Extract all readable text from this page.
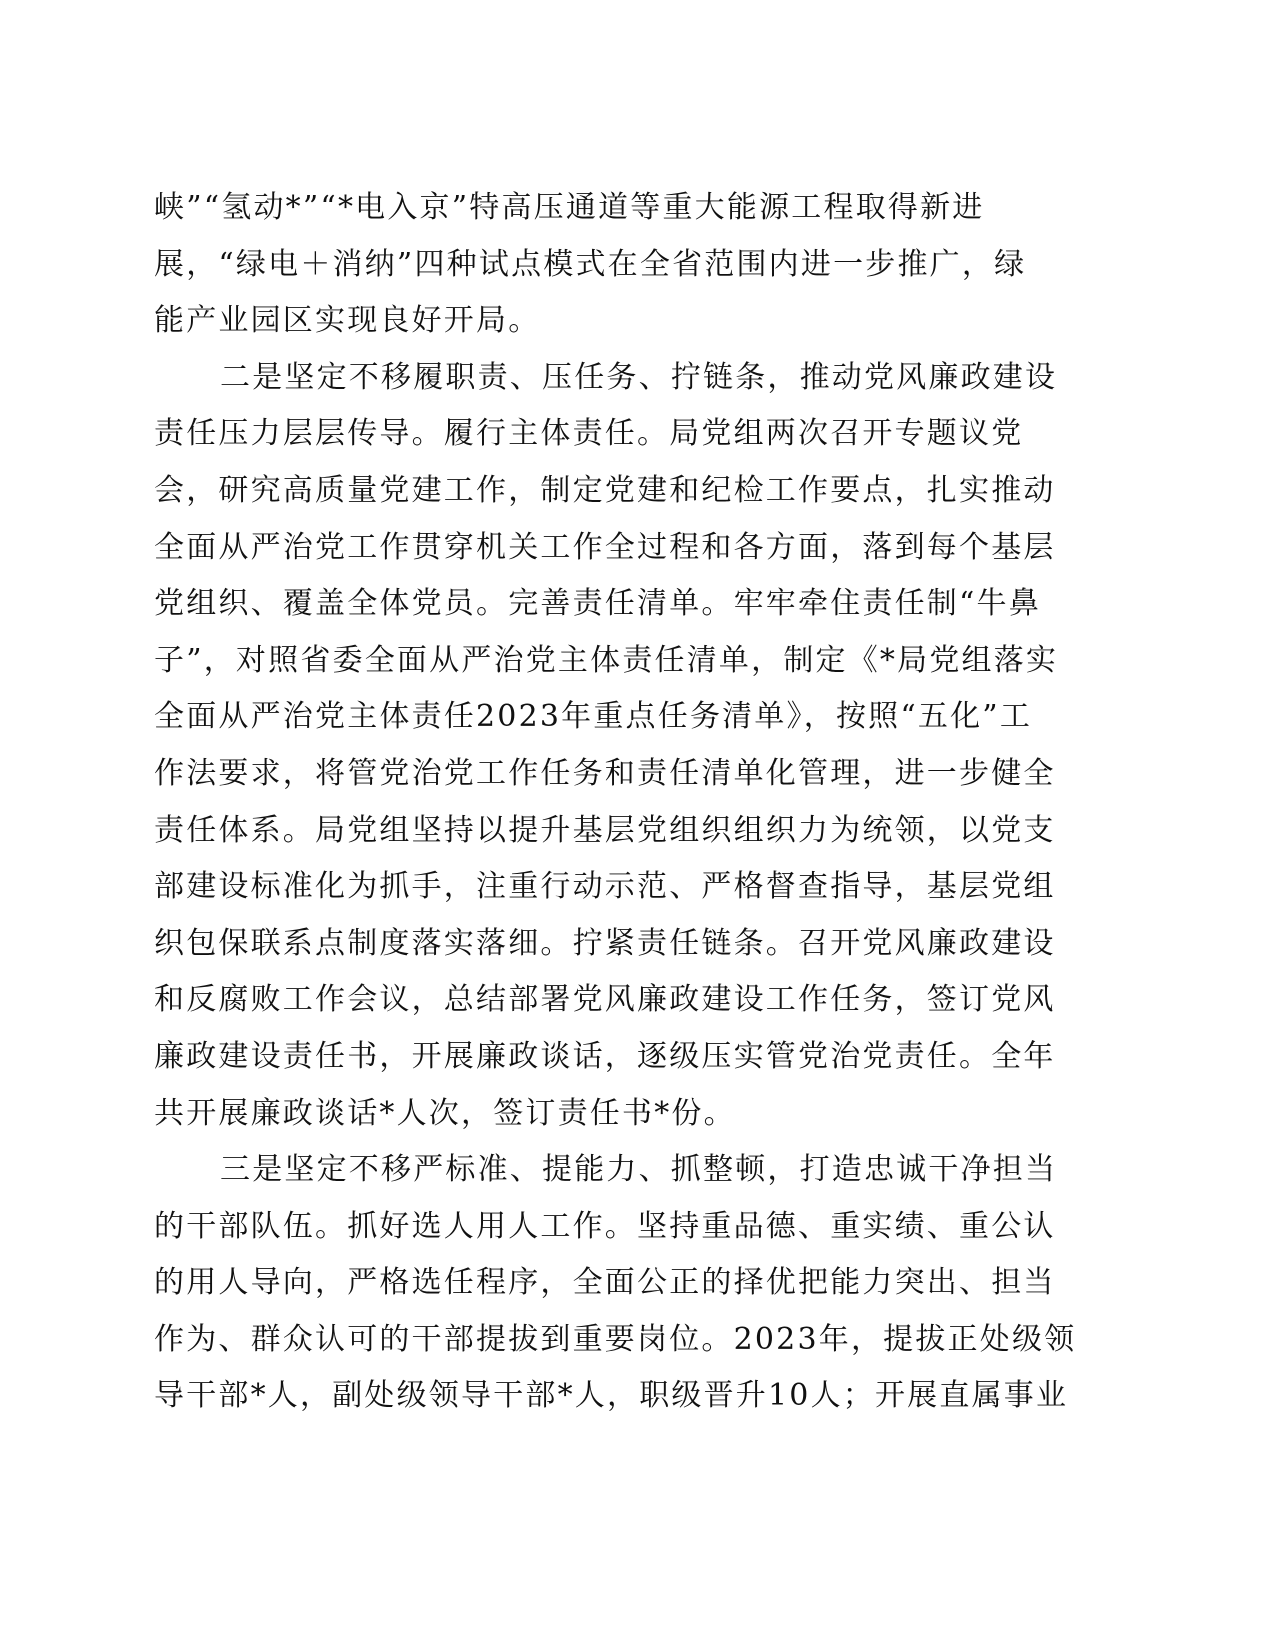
峡”“氢动*”“*电入京”特高压通道等重大能源工程取得新进
展，“绿电＋消纳”四种试点模式在全省范围内进一步推广，绿
能产业园区实现良好开局。
二是坚定不移履职责、压任务、拧链条，推动党风廉政建设
责任压力层层传导。履行主体责任。局党组两次召开专题议党
会，研究高质量党建工作，制定党建和纪检工作要点，扎实推动
全面从严治党工作贯穿机关工作全过程和各方面，落到每个基层
党组织、覆盖全体党员。完善责任清单。牢牢牵住责任制“牛鼻
子”，对照省委全面从严治党主体责任清单，制定《*局党组落实
全面从严治党主体责任2023年重点任务清单》，按照“五化”工
作法要求，将管党治党工作任务和责任清单化管理，进一步健全
责任体系。局党组坚持以提升基层党组织组织力为统领，以党支
部建设标准化为抓手，注重行动示范、严格督查指导，基层党组
织包保联系点制度落实落细。拧紧责任链条。召开党风廉政建设
和反腐败工作会议，总结部署党风廉政建设工作任务，签订党风
廉政建设责任书，开展廉政谈话，逐级压实管党治党责任。全年
共开展廉政谈话*人次，签订责任书*份。
三是坚定不移严标准、提能力、抓整顿，打造忠诚干净担当
的干部队伍。抓好选人用人工作。坚持重品德、重实绩、重公认
的用人导向，严格选任程序，全面公正的择优把能力突出、担当
作为、群众认可的干部提拔到重要岗位。2023年，提拔正处级领
导干部*人，副处级领导干部*人，职级晋升10人；开展直属事业
